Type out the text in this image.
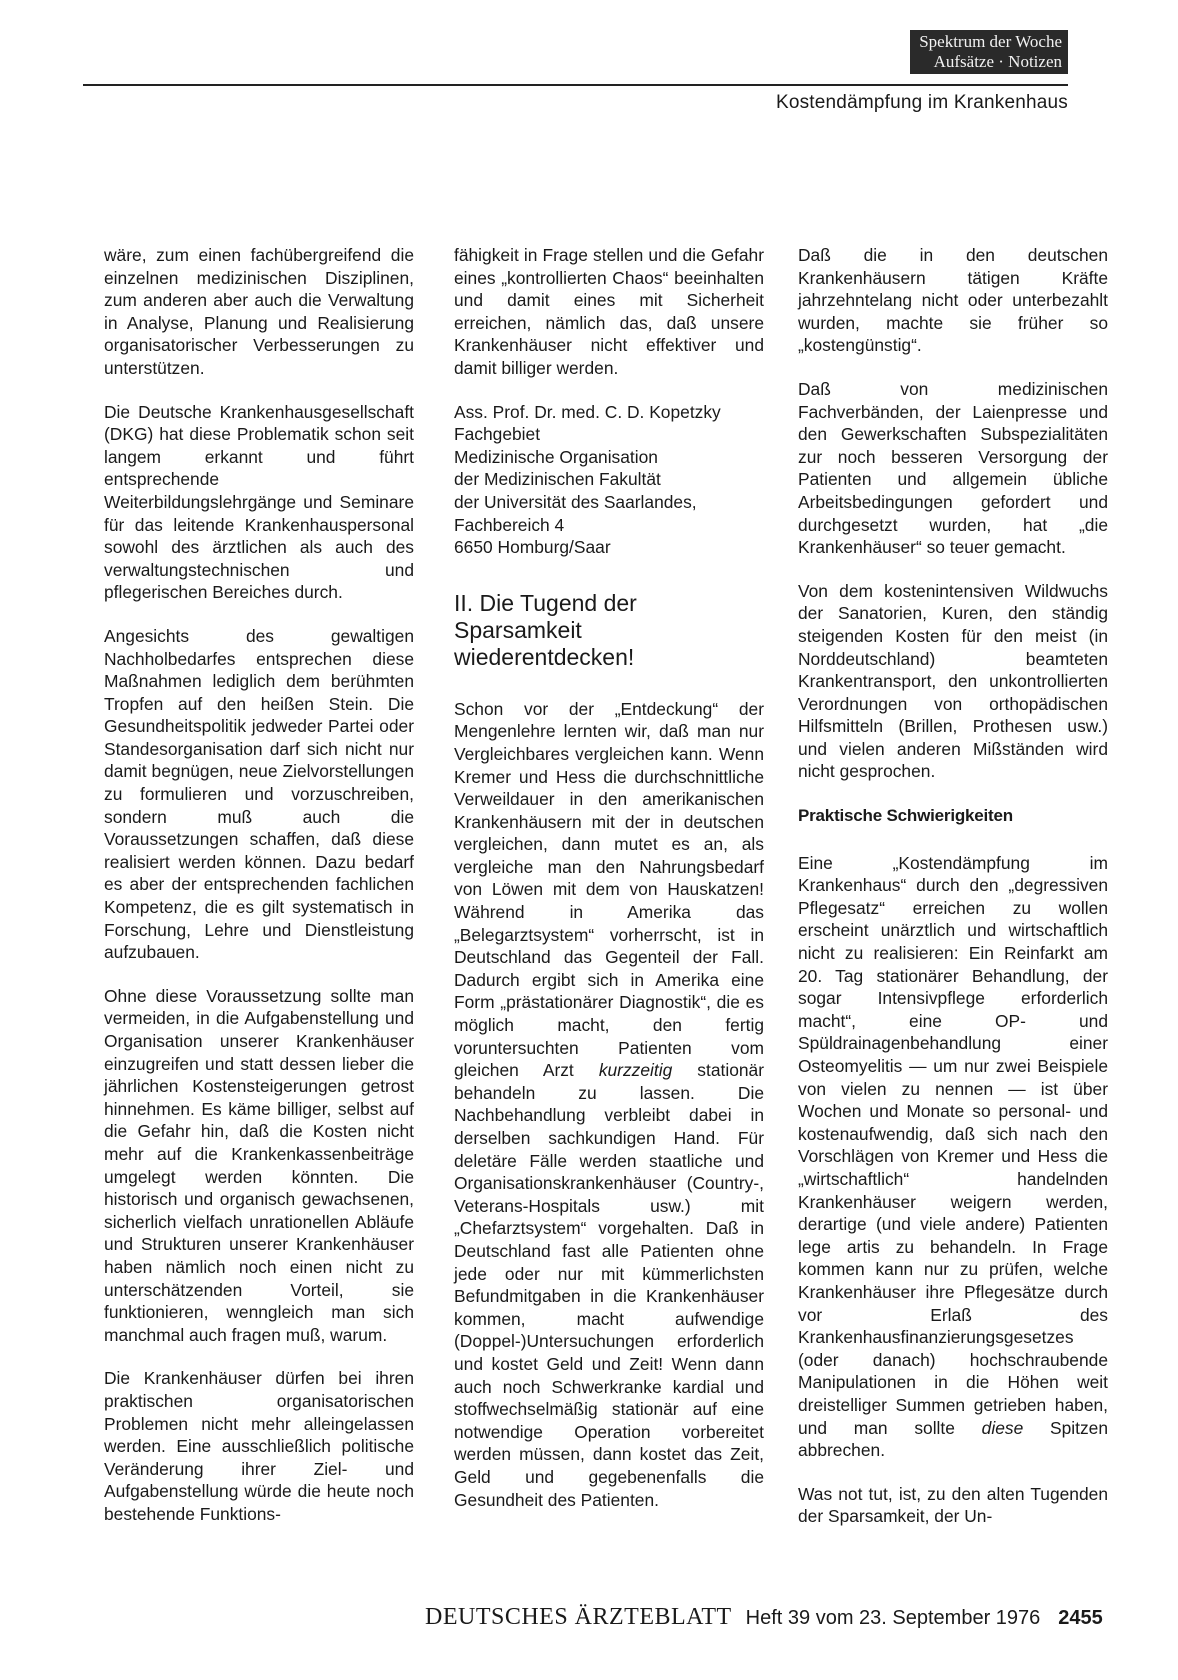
Spektrum der Woche
Aufsätze · Notizen
Kostendämpfung im Krankenhaus

wäre, zum einen fachübergreifend die einzelnen medizinischen Disziplinen, zum anderen aber auch die Verwaltung in Analyse, Planung und Realisierung organisatorischer Verbesserungen zu unterstützen.

Die Deutsche Krankenhausgesellschaft (DKG) hat diese Problematik schon seit langem erkannt und führt entsprechende Weiterbildungslehrgänge und Seminare für das leitende Krankenhauspersonal sowohl des ärztlichen als auch des verwaltungstechnischen und pflegerischen Bereiches durch.

Angesichts des gewaltigen Nachholbedarfes entsprechen diese Maßnahmen lediglich dem berühmten Tropfen auf den heißen Stein. Die Gesundheitspolitik jedweder Partei oder Standesorganisation darf sich nicht nur damit begnügen, neue Zielvorstellungen zu formulieren und vorzuschreiben, sondern muß auch die Voraussetzungen schaffen, daß diese realisiert werden können. Dazu bedarf es aber der entsprechenden fachlichen Kompetenz, die es gilt systematisch in Forschung, Lehre und Dienstleistung aufzubauen.

Ohne diese Voraussetzung sollte man vermeiden, in die Aufgabenstellung und Organisation unserer Krankenhäuser einzugreifen und statt dessen lieber die jährlichen Kostensteigerungen getrost hinnehmen. Es käme billiger, selbst auf die Gefahr hin, daß die Kosten nicht mehr auf die Krankenkassenbeiträge umgelegt werden könnten. Die historisch und organisch gewachsenen, sicherlich vielfach unrationellen Abläufe und Strukturen unserer Krankenhäuser haben nämlich noch einen nicht zu unterschätzenden Vorteil, sie funktionieren, wenngleich man sich manchmal auch fragen muß, warum.

Die Krankenhäuser dürfen bei ihren praktischen organisatorischen Problemen nicht mehr alleingelassen werden. Eine ausschließlich politische Veränderung ihrer Ziel- und Aufgabenstellung würde die heute noch bestehende Funktions-

fähigkeit in Frage stellen und die Gefahr eines „kontrollierten Chaos“ beeinhalten und damit eines mit Sicherheit erreichen, nämlich das, daß unsere Krankenhäuser nicht effektiver und damit billiger werden.

Ass. Prof. Dr. med. C. D. Kopetzky
Fachgebiet
Medizinische Organisation
der Medizinischen Fakultät
der Universität des Saarlandes,
Fachbereich 4
6650 Homburg/Saar
II. Die Tugend der Sparsamkeit wiederentdecken!

Schon vor der „Entdeckung“ der Mengenlehre lernten wir, daß man nur Vergleichbares vergleichen kann. Wenn Kremer und Hess die durchschnittliche Verweildauer in den amerikanischen Krankenhäusern mit der in deutschen vergleichen, dann mutet es an, als vergleiche man den Nahrungsbedarf von Löwen mit dem von Hauskatzen! Während in Amerika das „Belegarztsystem“ vorherrscht, ist in Deutschland das Gegenteil der Fall. Dadurch ergibt sich in Amerika eine Form „prästationärer Diagnostik“, die es möglich macht, den fertig voruntersuchten Patienten vom gleichen Arzt kurzzeitig stationär behandeln zu lassen. Die Nachbehandlung verbleibt dabei in derselben sachkundigen Hand. Für deletäre Fälle werden staatliche und Organisationskrankenhäuser (Country-, Veterans-Hospitals usw.) mit „Chefarztsystem“ vorgehalten. Daß in Deutschland fast alle Patienten ohne jede oder nur mit kümmerlichsten Befundmitgaben in die Krankenhäuser kommen, macht aufwendige (Doppel-)Untersuchungen erforderlich und kostet Geld und Zeit! Wenn dann auch noch Schwerkranke kardial und stoffwechselmäßig stationär auf eine notwendige Operation vorbereitet werden müssen, dann kostet das Zeit, Geld und gegebenenfalls die Gesundheit des Patienten.

Daß die in den deutschen Krankenhäusern tätigen Kräfte jahrzehntelang nicht oder unterbezahlt wurden, machte sie früher so „kostengünstig“.

Daß von medizinischen Fachverbänden, der Laienpresse und den Gewerkschaften Subspezialitäten zur noch besseren Versorgung der Patienten und allgemein übliche Arbeitsbedingungen gefordert und durchgesetzt wurden, hat „die Krankenhäuser“ so teuer gemacht.

Von dem kostenintensiven Wildwuchs der Sanatorien, Kuren, den ständig steigenden Kosten für den meist (in Norddeutschland) beamteten Krankentransport, den unkontrollierten Verordnungen von orthopädischen Hilfsmitteln (Brillen, Prothesen usw.) und vielen anderen Mißständen wird nicht gesprochen.

Praktische Schwierigkeiten

Eine „Kostendämpfung im Krankenhaus“ durch den „degressiven Pflegesatz“ erreichen zu wollen erscheint unärztlich und wirtschaftlich nicht zu realisieren: Ein Reinfarkt am 20. Tag stationärer Behandlung, der sogar Intensivpflege erforderlich macht“, eine OP- und Spüldrainagenbehandlung einer Osteomyelitis — um nur zwei Beispiele von vielen zu nennen — ist über Wochen und Monate so personal- und kostenaufwendig, daß sich nach den Vorschlägen von Kremer und Hess die „wirtschaftlich“ handelnden Krankenhäuser weigern werden, derartige (und viele andere) Patienten lege artis zu behandeln. In Frage kommen kann nur zu prüfen, welche Krankenhäuser ihre Pflegesätze durch vor Erlaß des Krankenhausfinanzierungsgesetzes (oder danach) hochschraubende Manipulationen in die Höhen weit dreistelliger Summen getrieben haben, und man sollte diese Spitzen abbrechen.

Was not tut, ist, zu den alten Tugenden der Sparsamkeit, der Un-

DEUTSCHES ÄRZTEBLATT Heft 39 vom 23. September 1976 2455
